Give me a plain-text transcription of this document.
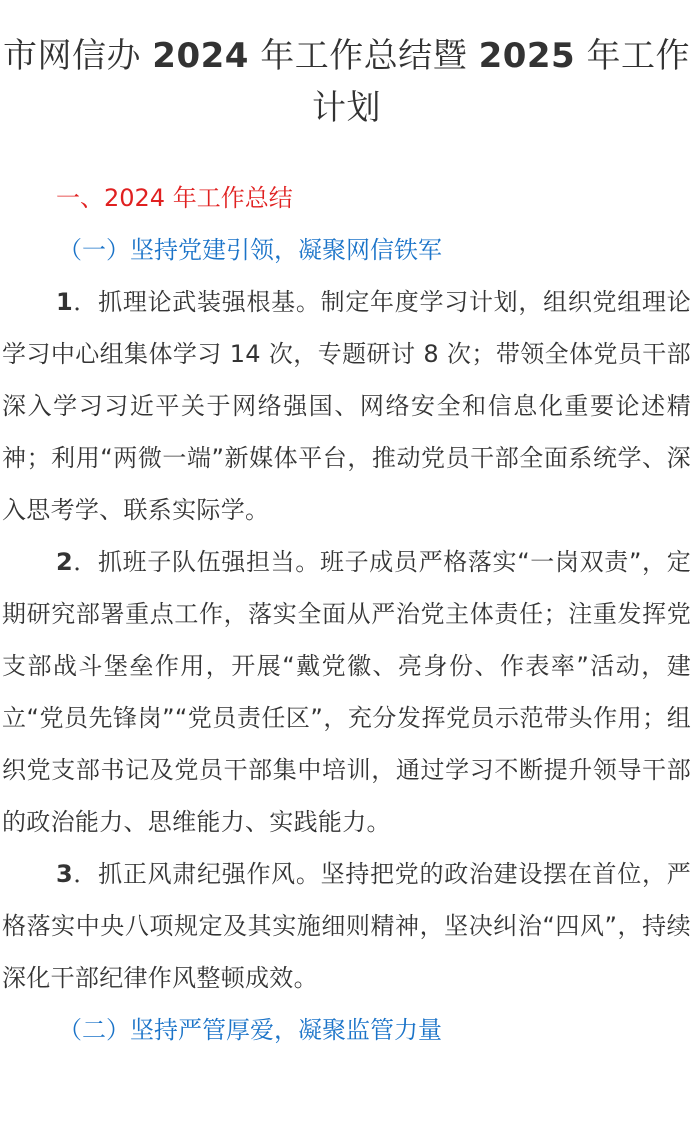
市网信办 2024 年工作总结暨 2025 年工作计划
一、2024 年工作总结
（一）坚持党建引领，凝聚网信铁军

1．抓理论武装强根基。制定年度学习计划，组织党组理论学习中心组集体学习 14 次，专题研讨 8 次；带领全体党员干部深入学习习近平关于网络强国、网络安全和信息化重要论述精神；利用“两微一端”新媒体平台，推动党员干部全面系统学、深入思考学、联系实际学。

2．抓班子队伍强担当。班子成员严格落实“一岗双责”，定期研究部署重点工作，落实全面从严治党主体责任；注重发挥党支部战斗堡垒作用，开展“戴党徽、亮身份、作表率”活动，建立“党员先锋岗”“党员责任区”，充分发挥党员示范带头作用；组织党支部书记及党员干部集中培训，通过学习不断提升领导干部的政治能力、思维能力、实践能力。

3．抓正风肃纪强作风。坚持把党的政治建设摆在首位，严格落实中央八项规定及其实施细则精神，坚决纠治“四风”，持续深化干部纪律作风整顿成效。

（二）坚持严管厚爱，凝聚监管力量
